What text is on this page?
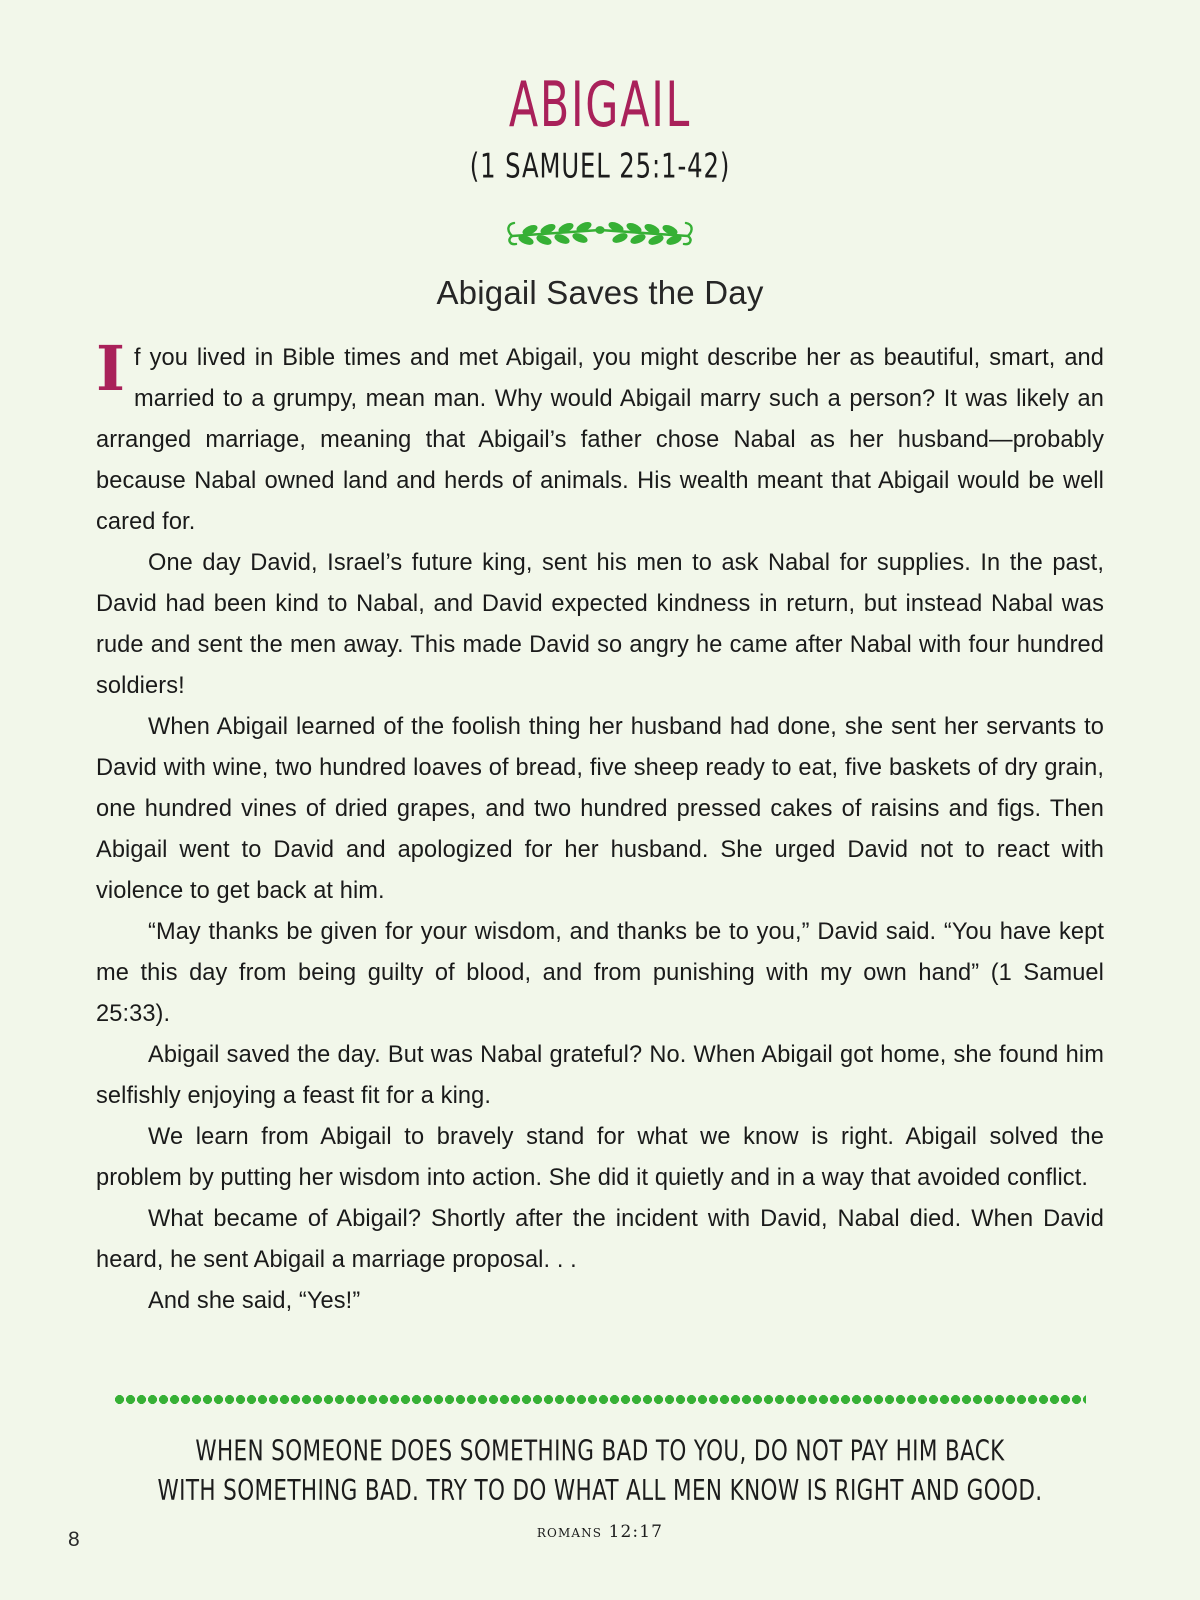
ABIGAIL
(1 SAMUEL 25:1-42)
Abigail Saves the Day

If you lived in Bible times and met Abigail, you might describe her as beautiful, smart, and married to a grumpy, mean man. Why would Abigail marry such a person? It was likely an arranged marriage, meaning that Abigail’s father chose Nabal as her husband—probably because Nabal owned land and herds of animals. His wealth meant that Abigail would be well cared for.

One day David, Israel’s future king, sent his men to ask Nabal for supplies. In the past, David had been kind to Nabal, and David expected kindness in return, but instead Nabal was rude and sent the men away. This made David so angry he came after Nabal with four hundred soldiers!

When Abigail learned of the foolish thing her husband had done, she sent her servants to David with wine, two hundred loaves of bread, five sheep ready to eat, five baskets of dry grain, one hundred vines of dried grapes, and two hundred pressed cakes of raisins and figs. Then Abigail went to David and apologized for her husband. She urged David not to react with violence to get back at him.

“May thanks be given for your wisdom, and thanks be to you,” David said. “You have kept me this day from being guilty of blood, and from punishing with my own hand” (1 Samuel 25:33).

Abigail saved the day. But was Nabal grateful? No. When Abigail got home, she found him selfishly enjoying a feast fit for a king.

We learn from Abigail to bravely stand for what we know is right. Abigail solved the problem by putting her wisdom into action. She did it quietly and in a way that avoided conflict.

What became of Abigail? Shortly after the incident with David, Nabal died. When David heard, he sent Abigail a marriage proposal. . .

And she said, “Yes!”

WHEN SOMEONE DOES SOMETHING BAD TO YOU, DO NOT PAY HIM BACK
WITH SOMETHING BAD. TRY TO DO WHAT ALL MEN KNOW IS RIGHT AND GOOD.
romans 12:17
8
